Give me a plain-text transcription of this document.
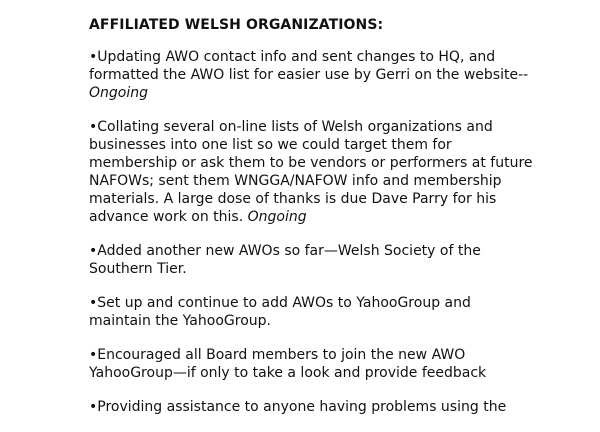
AFFILIATED WELSH ORGANIZATIONS:
•Updating AWO contact info and sent changes to HQ, and
formatted the AWO list for easier use by Gerri on the website--
Ongoing
•Collating several on-line lists of Welsh organizations and
businesses into one list so we could target them for
membership or ask them to be vendors or performers at future
NAFOWs; sent them WNGGA/NAFOW info and membership
materials. A large dose of thanks is due Dave Parry for his
advance work on this. Ongoing
•Added another new AWOs so far—Welsh Society of the
Southern Tier.
•Set up and continue to add AWOs to YahooGroup and
maintain the YahooGroup.
•Encouraged all Board members to join the new AWO
YahooGroup—if only to take a look and provide feedback
•Providing assistance to anyone having problems using the
